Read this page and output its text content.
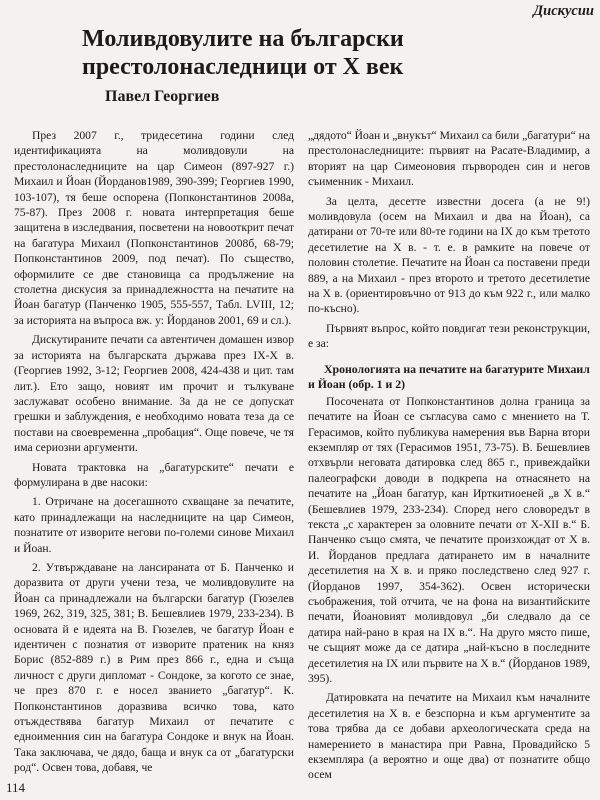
Дискусии
Моливдовулите на български престолонаследници от X век
Павел Георгиев

През 2007 г., тридесетина години след идентификацията на моливдовули на престолонаследниците на цар Симеон (897-927 г.) Михаил и Йоан (Йорданов1989, 390-399; Георгиев 1990, 103-107), тя беше оспорена (Попконстантинов 2008а, 75-87). През 2008 г. новата интерпретация беше защитена в изследвания, посветени на новооткрит печат на багатура Михаил (Попконстантинов 2008б, 68-79; Попконстантинов 2009, под печат). По същество, оформилите се две становища са продължение на столетна дискусия за принадлежността на печатите на Йоан багатур (Панченко 1905, 555-557, Табл. LVIII, 12; за историята на въпроса вж. у: Йорданов 2001, 69 и сл.).

Дискутираните печати са автентичен домашен извор за историята на българската държава през IX-X в. (Георгиев 1992, 3-12; Георгиев 2008, 424-438 и цит. там лит.). Ето защо, новият им прочит и тълкуване заслужават особено внимание. За да не се допускат грешки и заблуждения, е необходимо новата теза да се постави на своевременна „пробация“. Още повече, че тя има сериозни аргументи.

Новата трактовка на „багатурските“ печати е формулирана в две насоки:

1. Отричане на досегашното схващане за печатите, като принадлежащи на наследниците на цар Симеон, познатите от изворите негови по-големи синове Михаил и Йоан.

2. Утвърждаване на лансираната от Б. Панченко и доразвита от други учени теза, че моливдовулите на Йоан са принадлежали на български багатур (Гюзелев 1969, 262, 319, 325, 381; В. Бешевлиев 1979, 233-234). В основата й е идеята на В. Гюзелев, че багатур Йоан е идентичен с познатия от изворите пратеник на княз Борис (852-889 г.) в Рим през 866 г., една и съща личност с други дипломат - Сондоке, за когото се знае, че през 870 г. е носел званието „багатур“. К. Попконстантинов доразвива всичко това, като отъждествява багатур Михаил от печатите с едноименния син на багатура Сондоке и внук на Йоан. Така заключава, че дядо, баща и внук са от „багатурски род“. Освен това, добавя, че

„дядото“ Йоан и „внукът“ Михаил са били „багатури“ на престолонаследниците: първият на Расате-Владимир, а вторият на цар Симеоновия първороден син и негов съименник - Михаил.

За целта, десетте известни досега (а не 9!) моливдовула (осем на Михаил и два на Йоан), са датирани от 70-те или 80-те години на IX до към третото десетилетие на X в. - т. е. в рамките на повече от половин столетие. Печатите на Йоан са поставени преди 889, а на Михаил - през второто и третото десетилетие на X в. (ориентировъчно от 913 до към 922 г., или малко по-късно).

Първият въпрос, който повдигат тези реконструкции, е за:

Хронологията на печатите на багатурите Михаил и Йоан (обр. 1 и 2)

Посочената от Попконстантинов долна граница за печатите на Йоан се съгласува само с мнението на Т. Герасимов, който публикува намерения във Варна втори екземпляр от тях (Герасимов 1951, 73-75). В. Бешевлиев отхвърли неговата датировка след 865 г., привеждайки палеографски доводи в подкрепа на отнасянето на печатите на „Йоан багатур, кан Ирткитиоеней „в X в.“ (Бешевлиев 1979, 233-234). Според него словоредът в текста „с характерен за оловните печати от X-XII в.“ Б. Панченко също смята, че печатите произхождат от X в. И. Йорданов предлага датирането им в началните десетилетия на X в. и пряко последствено след 927 г. (Йорданов 1997, 354-362). Освен исторически съображения, той отчита, че на фона на византийските печати, Йоановият моливдовул „би следвало да се датира най-рано в края на IX в.“. На друго място пише, че същият може да се датира „най-късно в последните десетилетия на IX или първите на X в.“ (Йорданов 1989, 395).

Датировката на печатите на Михаил към началните десетилетия на X в. е безспорна и към аргументите за това трябва да се добави археологическата среда на намерението в манастира при Равна, Провадийско 5 екземпляра (а вероятно и още два) от познатите общо осем

114
